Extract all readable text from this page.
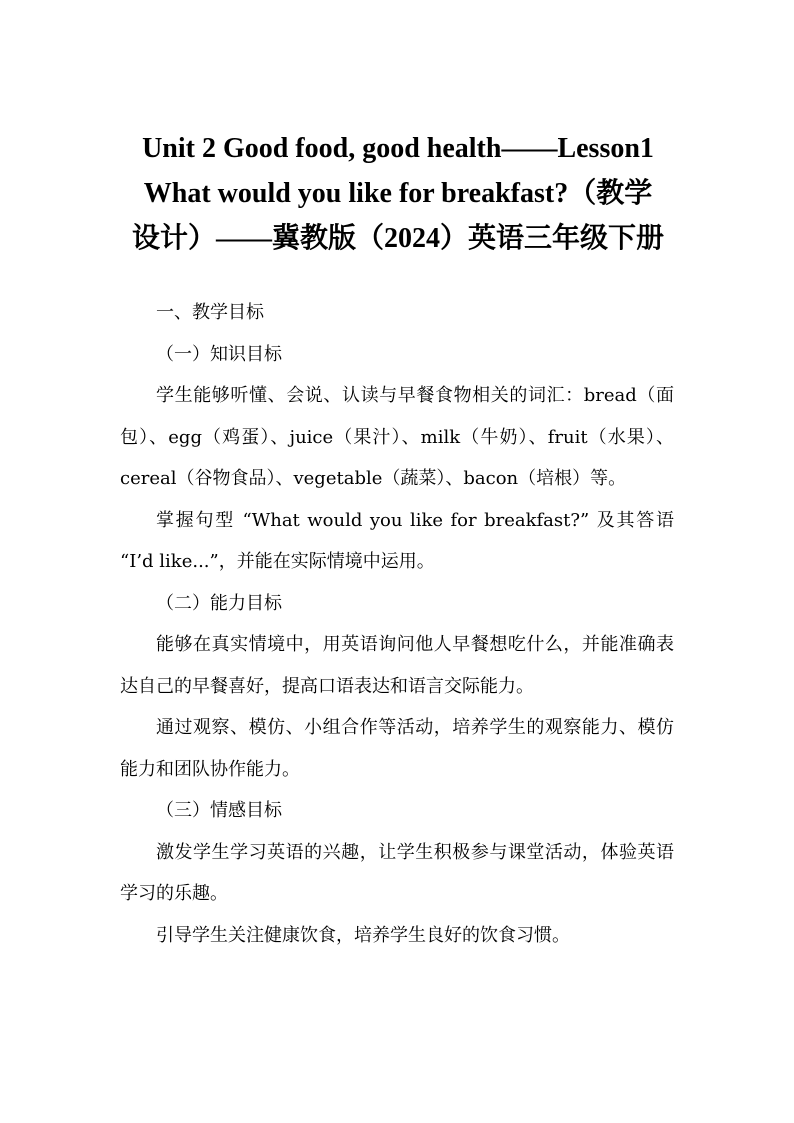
Unit 2 Good food, good health——Lesson1
What would you like for breakfast?（教学
设计）——冀教版（2024）英语三年级下册

一、教学目标

（一）知识目标

学生能够听懂、会说、认读与早餐食物相关的词汇：bread（面包）、egg（鸡蛋）、juice（果汁）、milk（牛奶）、fruit（水果）、cereal（谷物食品）、vegetable（蔬菜）、bacon（培根）等。

掌握句型 “What would you like for breakfast?” 及其答语 “I’d like...”，并能在实际情境中运用。

（二）能力目标

能够在真实情境中，用英语询问他人早餐想吃什么，并能准确表达自己的早餐喜好，提高口语表达和语言交际能力。

通过观察、模仿、小组合作等活动，培养学生的观察能力、模仿能力和团队协作能力。

（三）情感目标

激发学生学习英语的兴趣，让学生积极参与课堂活动，体验英语学习的乐趣。

引导学生关注健康饮食，培养学生良好的饮食习惯。
